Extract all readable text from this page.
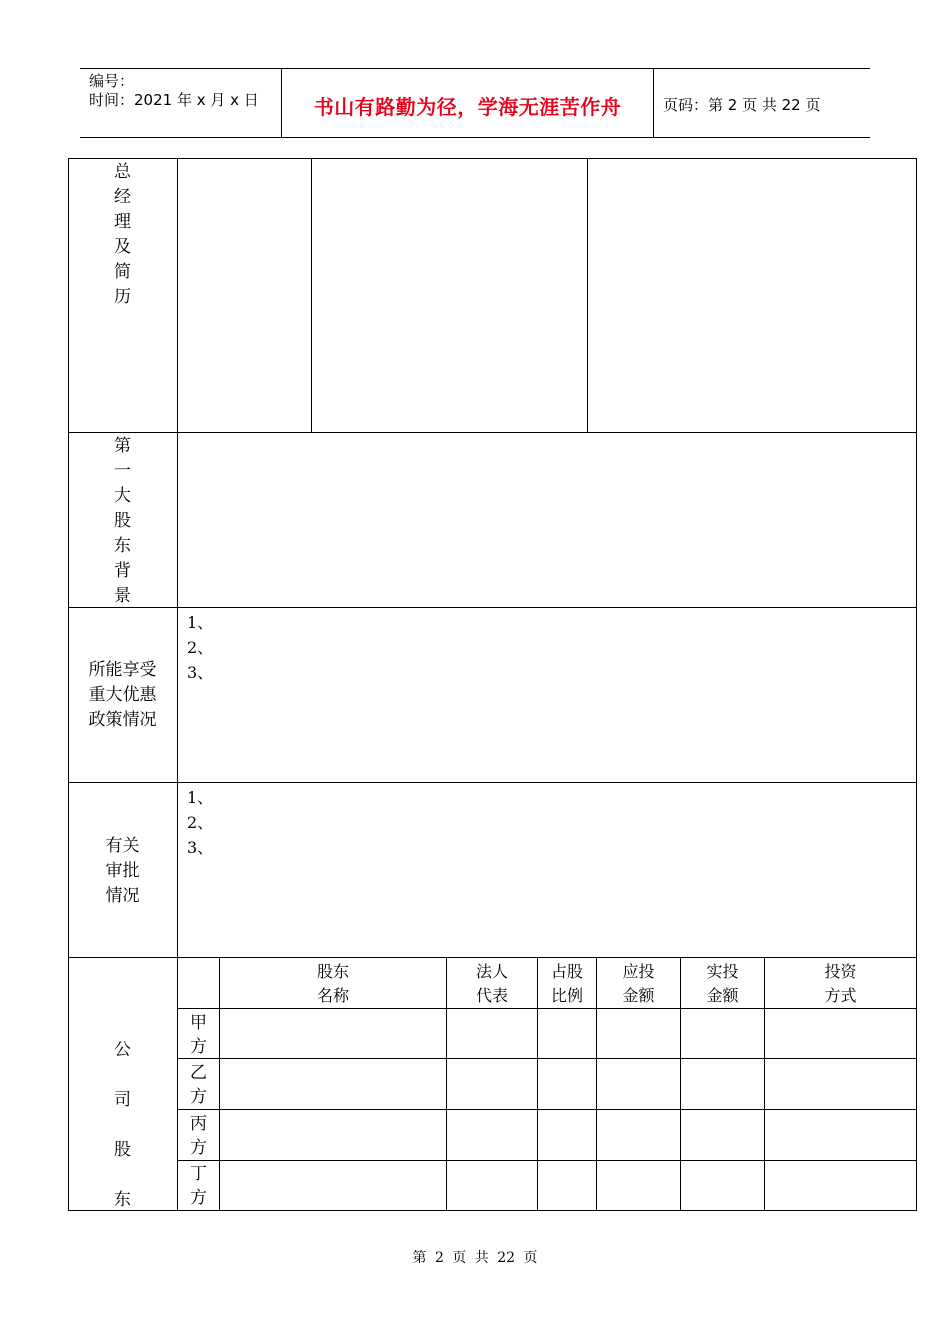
编号：
时间：2021 年 x 月 x 日	书山有路勤为径，学海无涯苦作舟	页码：第 2 页 共 22 页
总
经
理
及
简
历
第
一
大
股
东
背
景
所能享受
重大优惠
政策情况
1、
2、
3、
有关
审批
情况
1、
2、
3、
公
司
股
东
股东
名称
法人
代表
占股
比例
应投
金额
实投
金额
投资
方式
甲
方
乙
方
丙
方
丁
方
第 2 页 共 22 页
